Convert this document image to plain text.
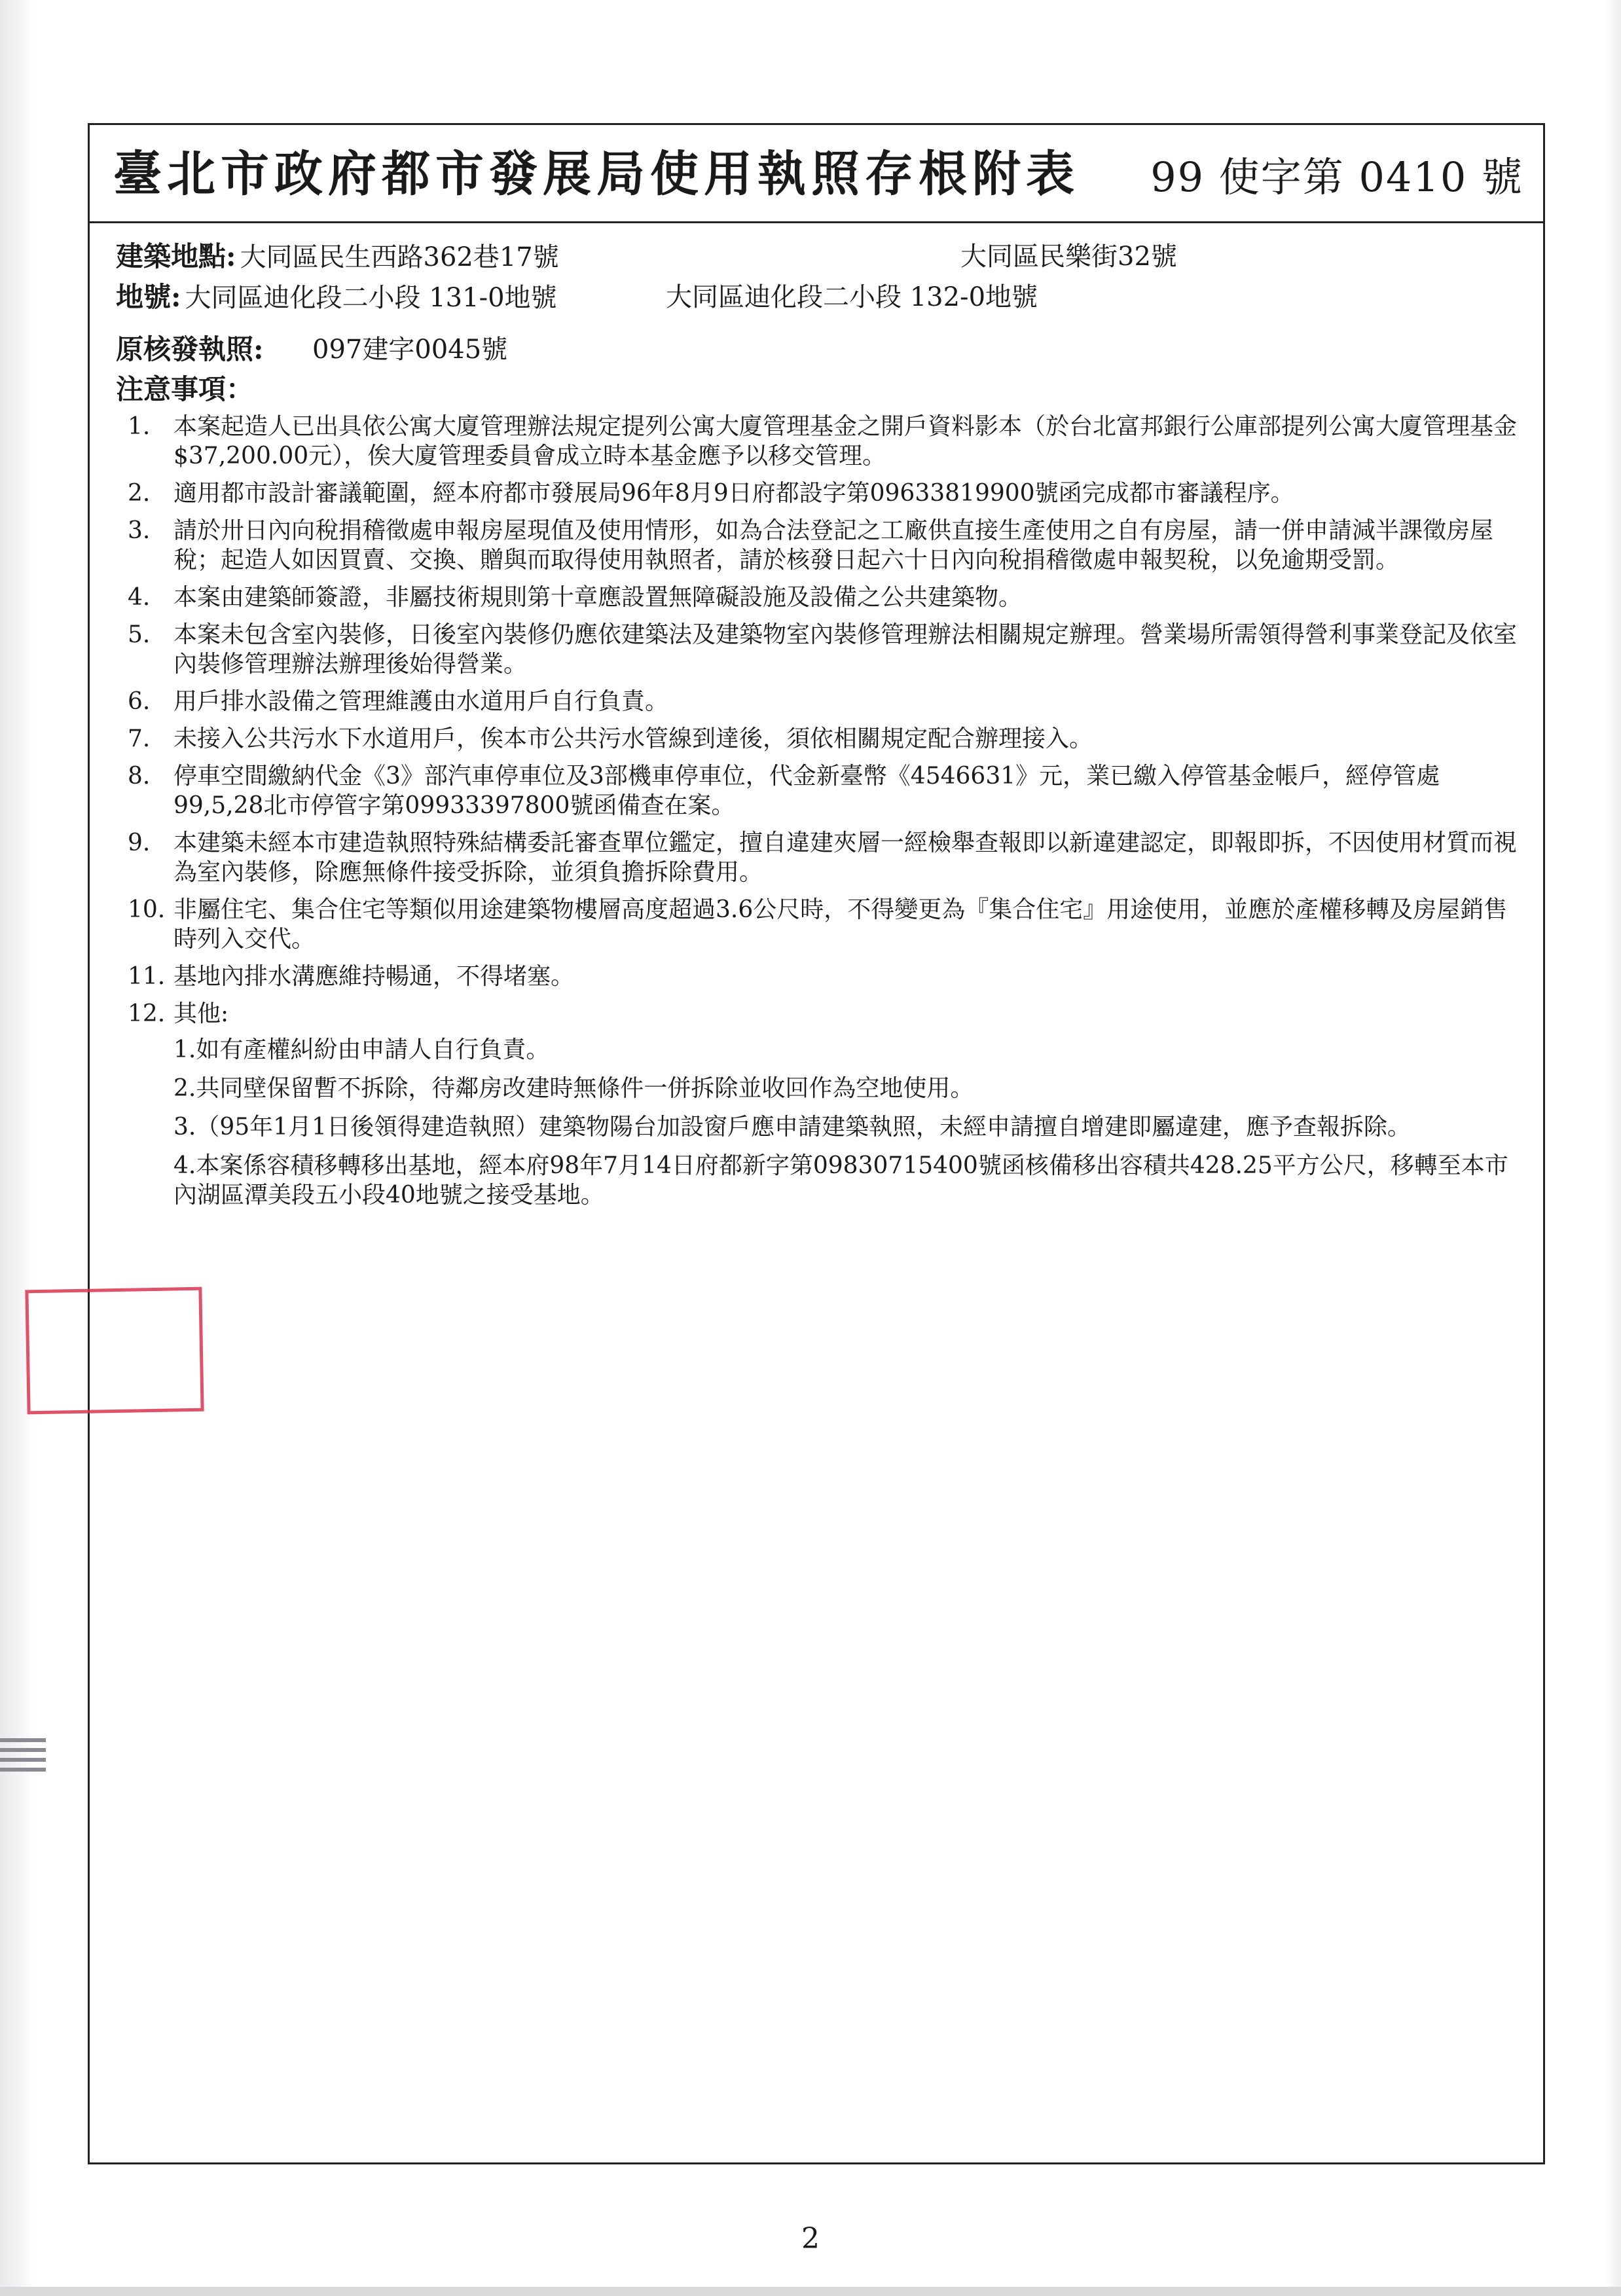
臺北市政府都市發展局使用執照存根附表 99 使字第 0410 號
建築地點: 大同區民生西路362巷17號	大同區民樂街32號
地號: 大同區迪化段二小段 131-0地號	大同區迪化段二小段 132-0地號
原核發執照: 097建字0045號
注意事項：
1. 本案起造人已出具依公寓大廈管理辦法規定提列公寓大廈管理基金之開戶資料影本（於台北富邦銀行公庫部提列公寓大廈管理基金$37,200.00元），俟大廈管理委員會成立時本基金應予以移交管理。
2. 適用都市設計審議範圍，經本府都市發展局96年8月9日府都設字第09633819900號函完成都市審議程序。
3. 請於卅日內向稅捐稽徵處申報房屋現值及使用情形，如為合法登記之工廠供直接生產使用之自有房屋，請一併申請減半課徵房屋稅；起造人如因買賣、交換、贈與而取得使用執照者，請於核發日起六十日內向稅捐稽徵處申報契稅，以免逾期受罰。
4. 本案由建築師簽證，非屬技術規則第十章應設置無障礙設施及設備之公共建築物。
5. 本案未包含室內裝修，日後室內裝修仍應依建築法及建築物室內裝修管理辦法相關規定辦理。營業場所需領得營利事業登記及依室內裝修管理辦法辦理後始得營業。
6. 用戶排水設備之管理維護由水道用戶自行負責。
7. 未接入公共污水下水道用戶，俟本市公共污水管線到達後，須依相關規定配合辦理接入。
8. 停車空間繳納代金《3》部汽車停車位及3部機車停車位，代金新臺幣《4546631》元，業已繳入停管基金帳戶，經停管處99,5,28北市停管字第09933397800號函備查在案。
9. 本建築未經本市建造執照特殊結構委託審查單位鑑定，擅自違建夾層一經檢舉查報即以新違建認定，即報即拆，不因使用材質而視為室內裝修，除應無條件接受拆除，並須負擔拆除費用。
10. 非屬住宅、集合住宅等類似用途建築物樓層高度超過3.6公尺時，不得變更為『集合住宅』用途使用，並應於產權移轉及房屋銷售時列入交代。
11. 基地內排水溝應維持暢通，不得堵塞。
12. 其他:
1.如有產權糾紛由申請人自行負責。
2.共同壁保留暫不拆除，待鄰房改建時無條件一併拆除並收回作為空地使用。
3.（95年1月1日後領得建造執照）建築物陽台加設窗戶應申請建築執照，未經申請擅自增建即屬違建，應予查報拆除。
4.本案係容積移轉移出基地，經本府98年7月14日府都新字第09830715400號函核備移出容積共428.25平方公尺，移轉至本市內湖區潭美段五小段40地號之接受基地。
2
